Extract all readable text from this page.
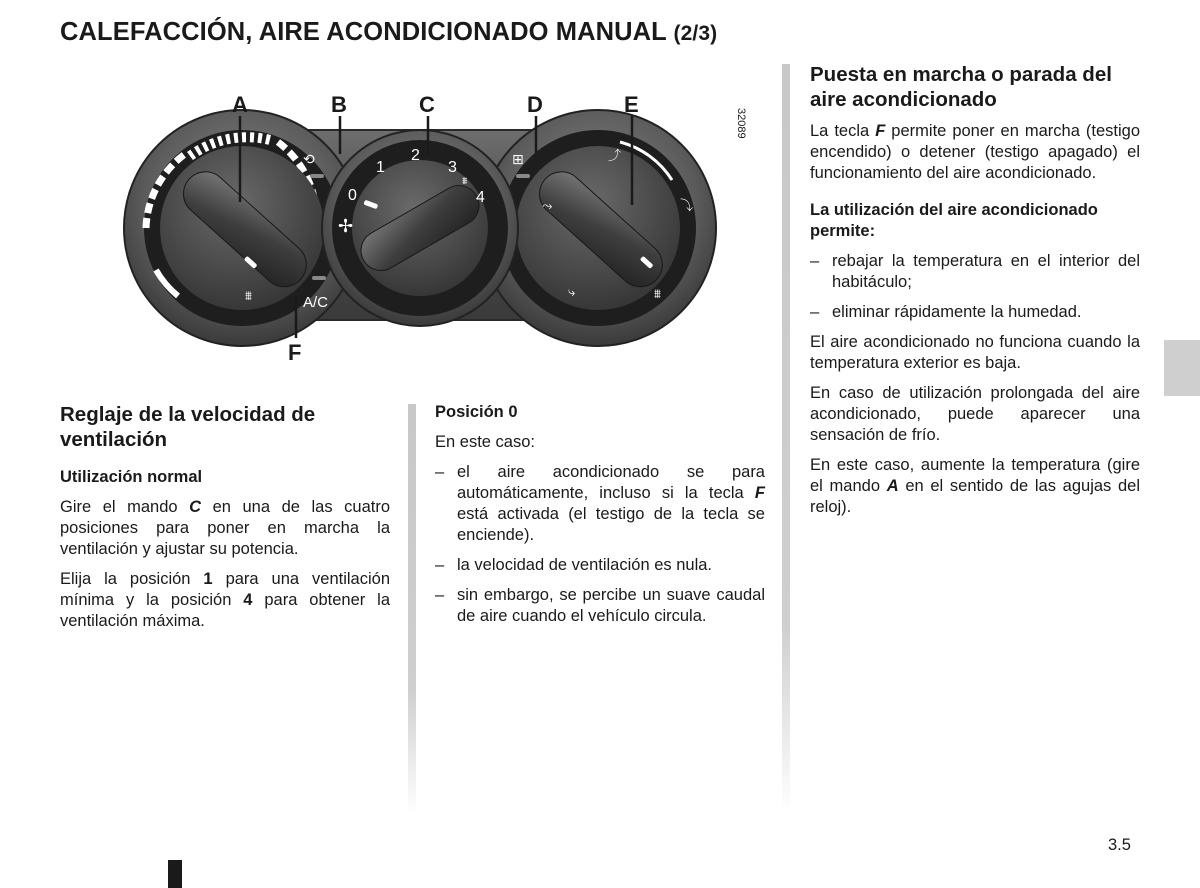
CALEFACCIÓN, AIRE ACONDICIONADO MANUAL (2/3)
⩩	⩩
⤳
⤴
⤵
⤷
0
1
2
3
4
✢
⩩
⟲	⊞
A/C
A	B	C	D	E
F
32089

Reglaje de la velocidad de ventilación

Utilización normal

Gire el mando C en una de las cuatro posiciones para poner en marcha la ventilación y ajustar su potencia.

Elija la posición 1 para una ventilación mínima y la posición 4 para obtener la ventilación máxima.

Posición 0

En este caso:

– el aire acondicionado se para automáticamente, incluso si la tecla F está activada (el testigo de la tecla se enciende).
– la velocidad de ventilación es nula.
– sin embargo, se percibe un suave caudal de aire cuando el vehículo circula.

Puesta en marcha o parada del aire acondicionado

La tecla F permite poner en marcha (testigo encendido) o detener (testigo apagado) el funcionamiento del aire acondicionado.

La utilización del aire acondicionado permite:

– rebajar la temperatura en el interior del habitáculo;
– eliminar rápidamente la humedad.

El aire acondicionado no funciona cuando la temperatura exterior es baja.

En caso de utilización prolongada del aire acondicionado, puede aparecer una sensación de frío.

En este caso, aumente la temperatura (gire el mando A en el sentido de las agujas del reloj).

3.5
